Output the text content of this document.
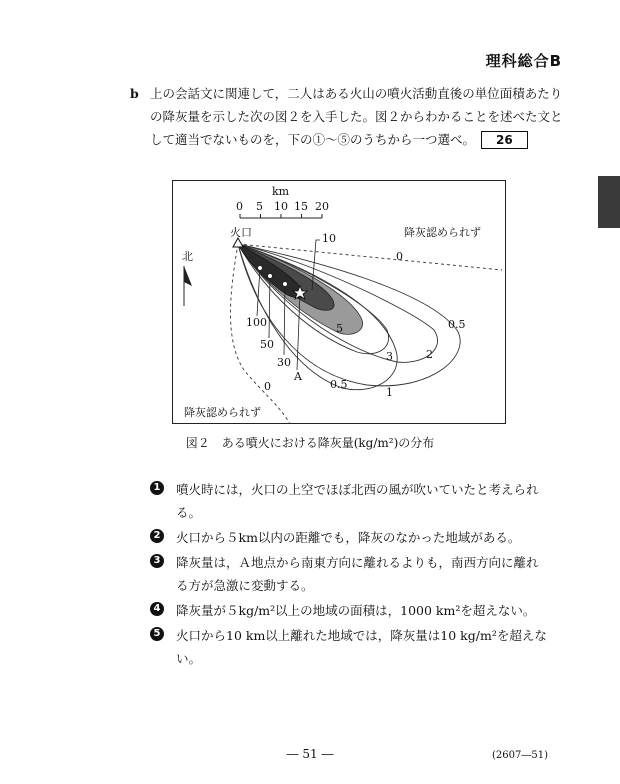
理科総合B
b 上の会話文に関連して，二人はある火山の噴火活動直後の単位面積あたりの降灰量を示した次の図２を入手した。図２からわかることを述べた文として適当でないものを，下の①～⑤のうちから一つ選べ。 26
km
0 5 10 15 20
火口
北
降灰認められず
降灰認められず
10
0
0.5
5
3	2
1
0.5
0
100
50
30
A
図２　ある噴火における降灰量(kg/m²)の分布
1 噴火時には，火口の上空でほぼ北西の風が吹いていたと考えられる。
2 火口から５km以内の距離でも，降灰のなかった地域がある。
3 降灰量は，Ａ地点から南東方向に離れるよりも，南西方向に離れる方が急激に変動する。
4 降灰量が５kg/m²以上の地域の面積は，1000 km²を超えない。
5 火口から10 km以上離れた地域では，降灰量は10 kg/m²を超えない。
― 51 ―	(2607―51)
